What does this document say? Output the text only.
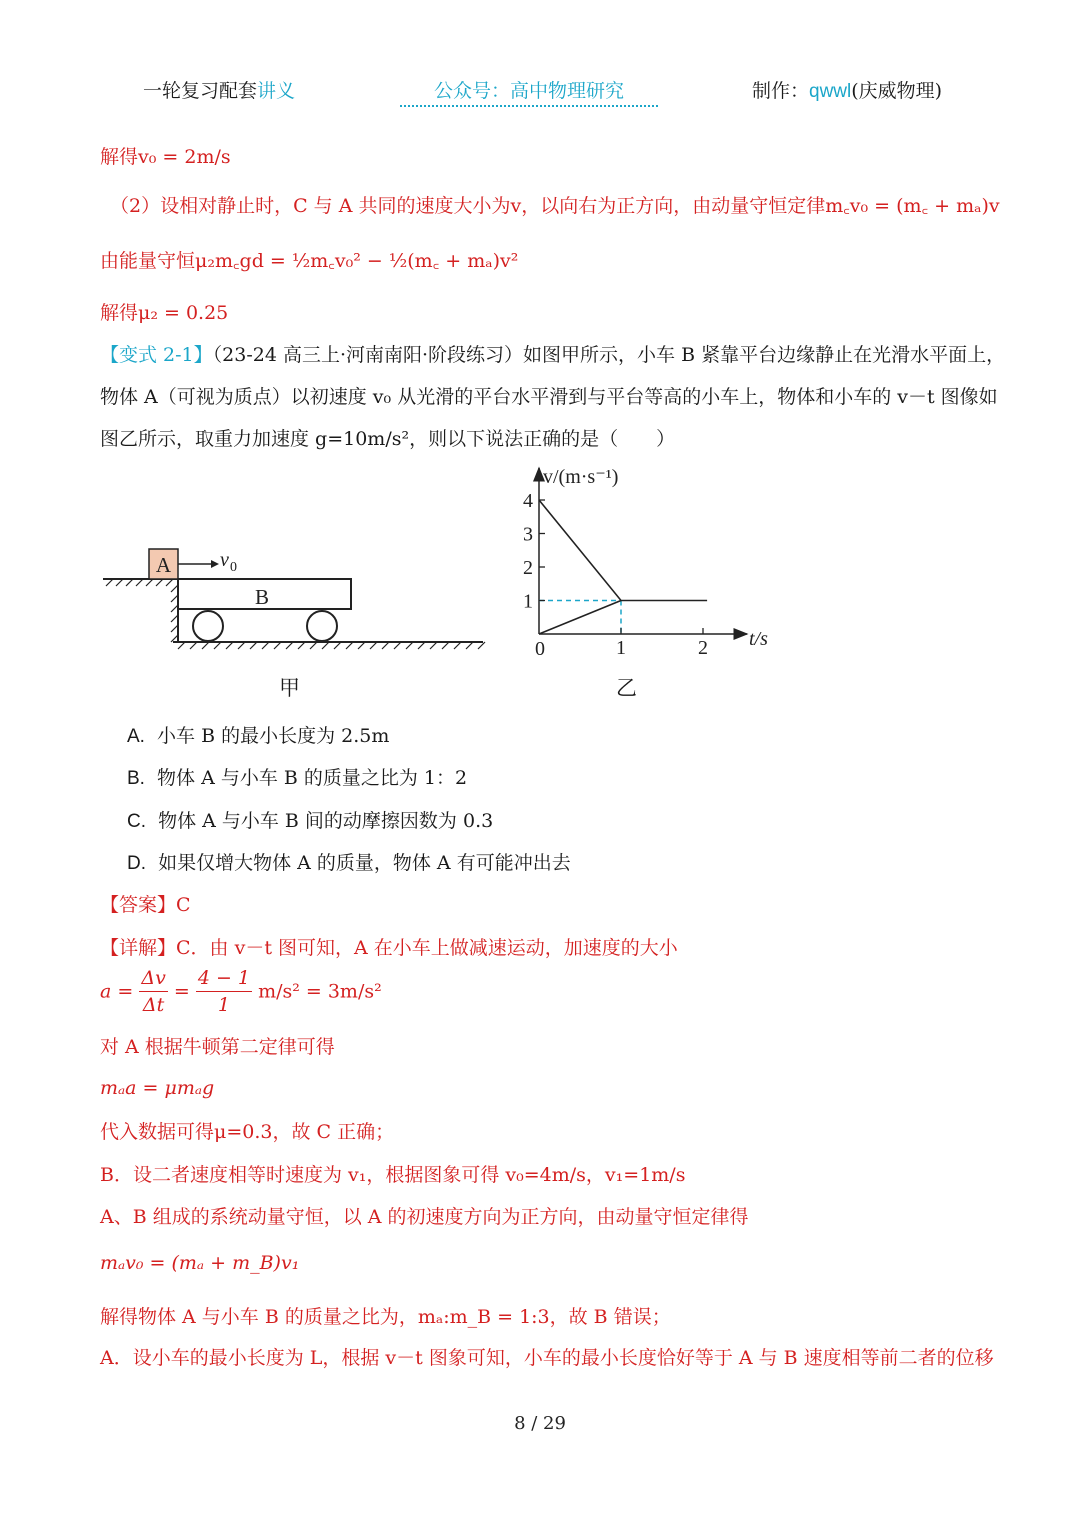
一轮复习配套讲义	公众号：高中物理研究	制作：qwwl(庆威物理)
解得v₀ = 2m/s
（2）设相对静止时，C 与 A 共同的速度大小为v，以向右为正方向，由动量守恒定律m꜀v₀ = (m꜀ + mₐ)v
由能量守恒μ₂m꜀gd = ½m꜀v₀² − ½(m꜀ + mₐ)v²
解得μ₂ = 0.25
【变式 2-1】（23-24 高三上·河南南阳·阶段练习）如图甲所示，小车 B 紧靠平台边缘静止在光滑水平面上，
物体 A（可视为质点）以初速度 v₀ 从光滑的平台水平滑到与平台等高的小车上，物体和小车的 v－t 图像如
图乙所示，取重力加速度 g=10m/s²，则以下说法正确的是（　　）
B
A v 0
甲
v/(m·s⁻¹)
t/s
0
1
2
3
4
1	2
乙
A. 小车 B 的最小长度为 2.5m
B. 物体 A 与小车 B 的质量之比为 1：2
C. 物体 A 与小车 B 间的动摩擦因数为 0.3
D. 如果仅增大物体 A 的质量，物体 A 有可能冲出去
【答案】C
【详解】C．由 v－t 图可知，A 在小车上做减速运动，加速度的大小
$a = \frac{\Delta v}{\Delta t} = \frac{4 - 1}{1} m/s^2 = 3m/s^2$
对 A 根据牛顿第二定律可得
mₐa = μmₐg
代入数据可得μ=0.3，故 C 正确；
B．设二者速度相等时速度为 v₁，根据图象可得 v₀=4m/s，v₁=1m/s
A、B 组成的系统动量守恒，以 A 的初速度方向为正方向，由动量守恒定律得
mₐv₀ = (mₐ + m_B)v₁
解得物体 A 与小车 B 的质量之比为，mₐ:m_B = 1:3，故 B 错误；
A．设小车的最小长度为 L，根据 v－t 图象可知，小车的最小长度恰好等于 A 与 B 速度相等前二者的位移
8 / 29
